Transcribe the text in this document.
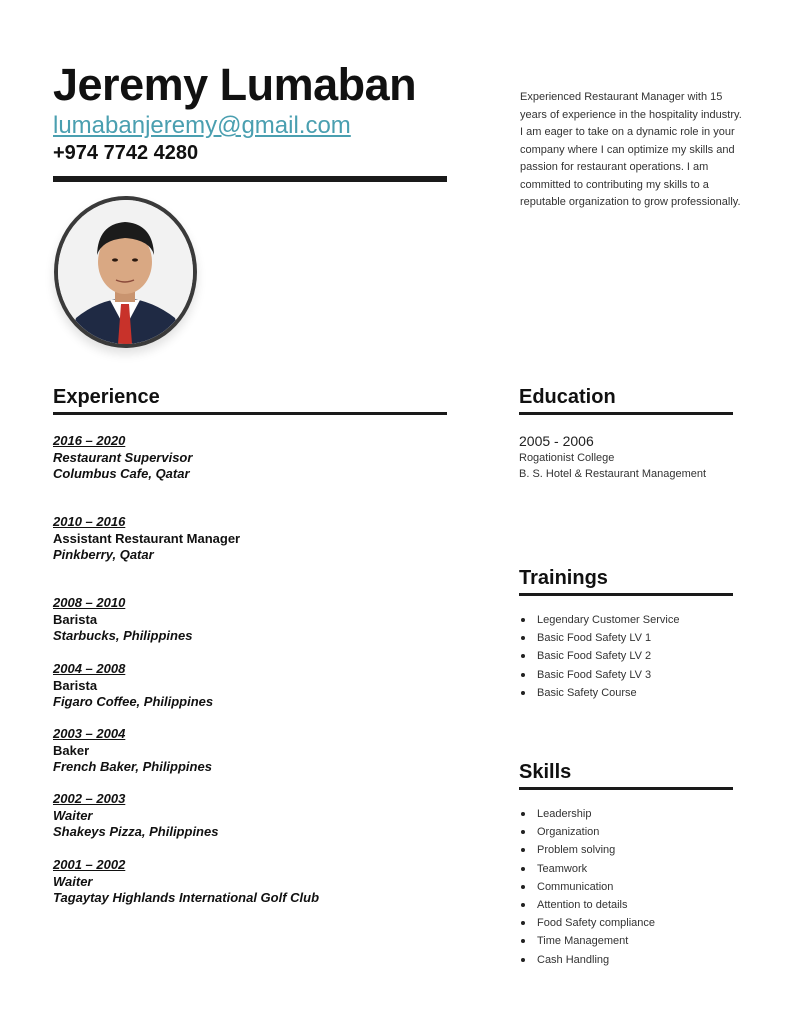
Jeremy Lumaban
lumabanjeremy@gmail.com
+974 7742 4280

Experienced Restaurant Manager with 15 years of experience in the hospitality industry. I am eager to take on a dynamic role in your company where I can optimize my skills and passion for restaurant operations. I am committed to contributing my skills to a reputable organization to grow professionally.

Experience
2016 – 2020
Restaurant Supervisor
Columbus Cafe, Qatar
2010 – 2016
Assistant Restaurant Manager
Pinkberry, Qatar
2008 – 2010
Barista
Starbucks, Philippines
2004 – 2008
Barista
Figaro Coffee, Philippines
2003 – 2004
Baker
French Baker, Philippines
2002 – 2003
Waiter
Shakeys Pizza, Philippines
2001 – 2002
Waiter
Tagaytay Highlands International Golf Club
Education
2005 - 2006
Rogationist College
B. S. Hotel & Restaurant Management
Trainings
Legendary Customer Service
Basic Food Safety LV 1
Basic Food Safety LV 2
Basic Food Safety LV 3
Basic Safety Course
Skills
Leadership
Organization
Problem solving
Teamwork
Communication
Attention to details
Food Safety compliance
Time Management
Cash Handling
